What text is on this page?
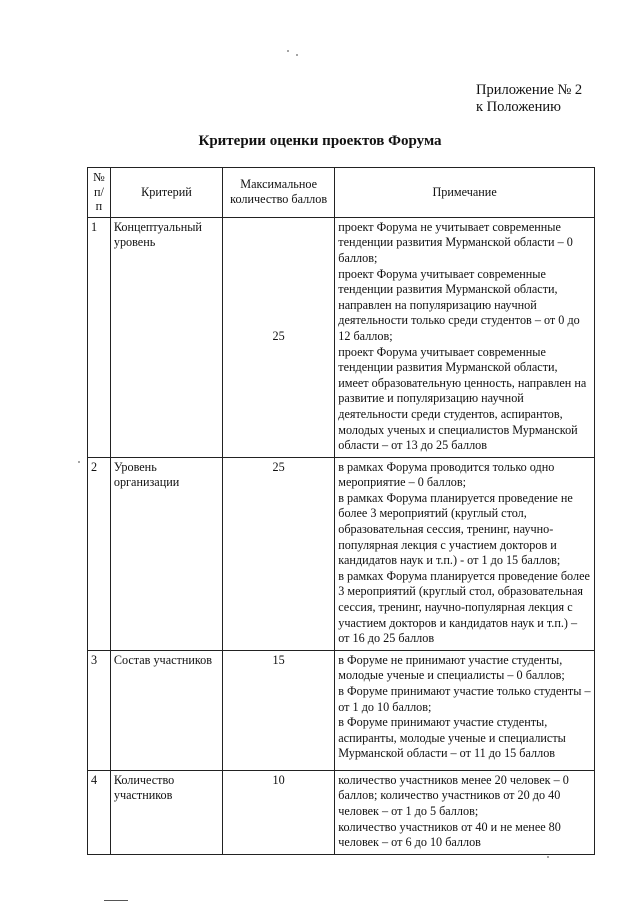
Приложение № 2
к Положению
Критерии оценки проектов Форума
№ п/п	Критерий	Максимальное количество баллов	Примечание
1	Концептуальный уровень	25	проект Форума не учитывает современные тенденции развития Мурманской области – 0 баллов;
проект Форума учитывает современные тенденции развития Мурманской области, направлен на популяризацию научной деятельности только среди студентов – от 0 до 12 баллов;
проект Форума учитывает современные тенденции развития Мурманской области, имеет образовательную ценность, направлен на развитие и популяризацию научной деятельности среди студентов, аспирантов, молодых ученых и специалистов Мурманской области – от 13 до 25 баллов

2	Уровень организации	25	в рамках Форума проводится только одно мероприятие – 0 баллов;
в рамках Форума планируется проведение не более 3 мероприятий (круглый стол, образовательная сессия, тренинг, научно-популярная лекция с участием докторов и кандидатов наук и т.п.) - от 1 до 15 баллов;
в рамках Форума планируется проведение более 3 мероприятий (круглый стол, образовательная сессия, тренинг, научно-популярная лекция с участием докторов и кандидатов наук и т.п.) – от 16 до 25 баллов

3	Состав участников	15	в Форуме не принимают участие студенты, молодые ученые и специалисты – 0 баллов;
в Форуме принимают участие только студенты – от 1 до 10 баллов;
в Форуме принимают участие студенты, аспиранты, молодые ученые и специалисты Мурманской области – от 11 до 15 баллов

4	Количество участников	10	количество участников менее 20 человек – 0 баллов; количество участников от 20 до 40 человек – от 1 до 5 баллов;
количество участников от 40 и не менее 80 человек – от 6 до 10 баллов
